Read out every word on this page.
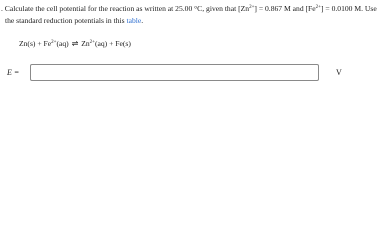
. Calculate the cell potential for the reaction as written at 25.00 °C, given that $[Zn^{2+}] = 0.867$ M and $[Fe^{2+}] = 0.0100$ M. Use
the standard reduction potentials in this table.
$Zn(s) + Fe^{2+}(aq)$ ⇌ $Zn^{2+}(aq) + Fe(s)$
E =	V
